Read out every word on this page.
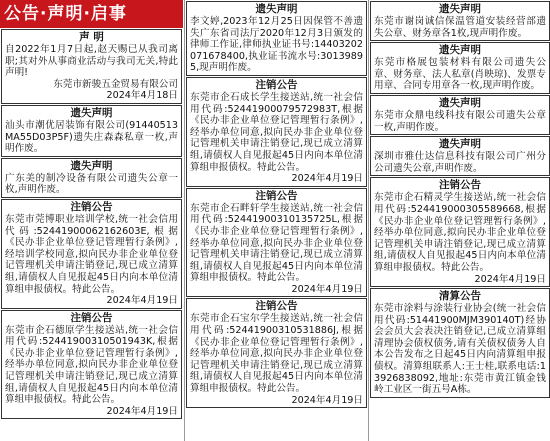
公告·声明·启事
声 明
自2022年1月7日起,赵天赐已从我司离职;其对外从事商业活动与我司无关,特此声明!
东莞市新骏五金贸易有限公司
2024年4月18日
遗失声明
汕头市潮优居装饰有限公司(91440513MA55D03P5F)遗失庄森森私章一枚,声明作废。
遗失声明
广东美的制冷设备有限公司遗失公章一枚,声明作废。
注销公告
东莞市莞博职业培训学校,统一社会信用代码:52441900062162603E,根据《民办非企业单位登记管理暂行条例》,经培训学校同意,拟向民办非企业单位登记管理机关申请注销登记,现已成立清算组,请债权人自见报起45日内向本单位清算组申报债权。特此公告。
2024年4月19日
注销公告
东莞市企石德原学生接送站,统一社会信用代码:52441900310501943K,根据《民办非企业单位登记管理暂行条例》,经举办单位同意,拟向民办非企业单位登记管理机关申请注销登记,现已成立清算组,请债权人自见报起45日内向本单位清算组申报债权。特此公告。
2024年4月19日
遗失声明
李文婷,2023年12月25日因保管不善遗失广东省司法厅2020年12月3日颁发的律师工作证,律师执业证书号:14403202071678400,执业证书流水号:30139895,现声明作废。
注销公告
东莞市企石成长学生接送站,统一社会信用代码:52441900079572983T,根据《民办非企业单位登记管理暂行条例》,经举办单位同意,拟向民办非企业单位登记管理机关申请注销登记,现已成立清算组,请债权人自见报起45日内向本单位清算组申报债权。特此公告。
2024年4月19日
注销公告
东莞市企石畔轩学生接送站,统一社会信用代码:52441900310135725L,根据《民办非企业单位登记管理暂行条例》,经举办单位同意,拟向民办非企业单位登记管理机关申请注销登记,现已成立清算组,请债权人自见报起45日内向本单位清算组申报债权。特此公告。
2024年4月19日
注销公告
东莞市企石宝尔学生接送站,统一社会信用代码:52441900310531886J,根据《民办非企业单位登记管理暂行条例》,经举办单位同意,拟向民办非企业单位登记管理机关申请注销登记,现已成立清算组,请债权人自见报起45日内向本单位清算组申报债权。特此公告。
2024年4月19日
遗失声明
东莞市谢岗诚信保温管道安装经营部遗失公章、财务章各1枚,现声明作废。
遗失声明
东莞市格展包装材料有限公司遗失公章、财务章、法人私章(肖映琼)、发票专用章、合同专用章各一枚,现声明作废。
遗失声明
东莞市众鼎电线科技有限公司遗失公章一枚,声明作废。
遗失声明
深圳市雅仕达信息科技有限公司广州分公司遗失公章,声明作废。
注销公告
东莞市企石精灵学生接送站,统一社会信用代码:524419000305589668,根据《民办非企业单位登记管理暂行条例》,经举办单位同意,拟向民办非企业单位登记管理机关申请注销登记,现已成立清算组,请债权人自见报起45日内向本单位清算组申报债权。特此公告。
2024年4月19日
清算公告
东莞市涂料与涂装行业协会(统一社会信用代码:51441900MJM390140T)经协会会员大会表决注销登记,已成立清算组清理协会债权债务,请有关债权债务人自本公告发布之日起45日内向清算组申报债权。清算组联系人:王士桂,联系电话:13926838092,地址:东莞市黄江镇金钱岭工业区一街五号A栋。
